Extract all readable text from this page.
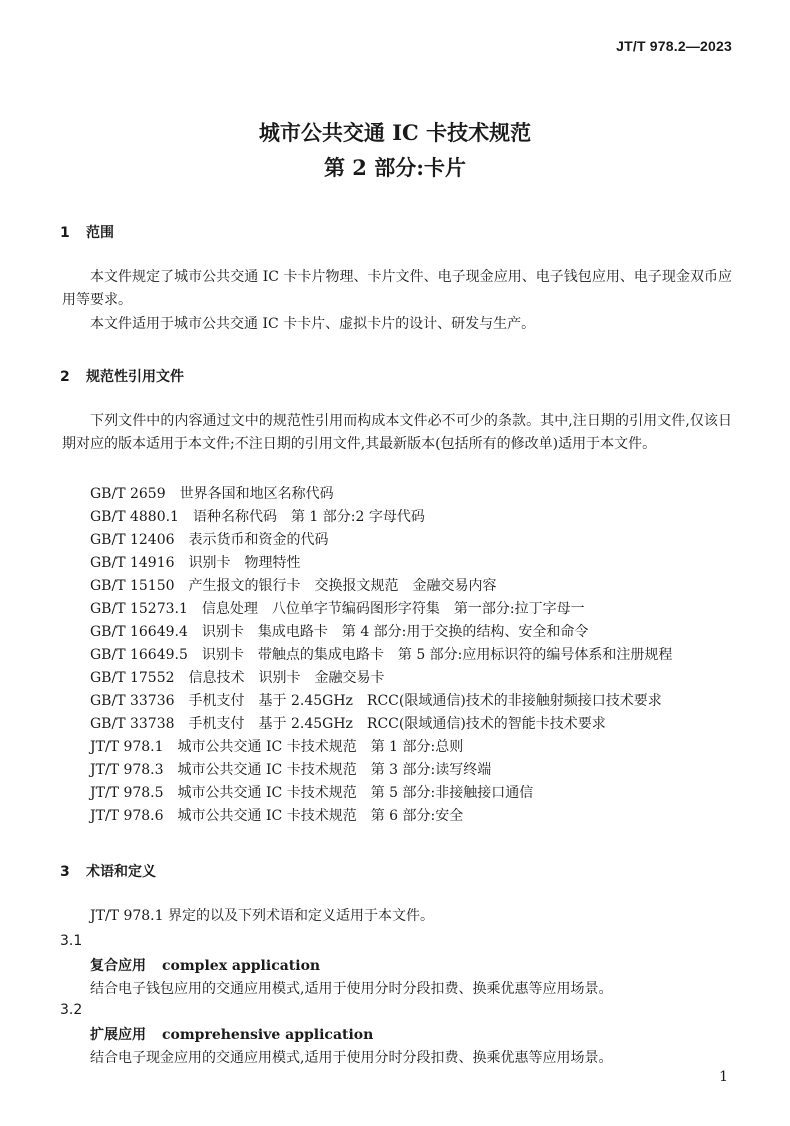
JT/T 978.2—2023
城市公共交通 IC 卡技术规范
第 2 部分:卡片
1 范围
本文件规定了城市公共交通 IC 卡卡片物理、卡片文件、电子现金应用、电子钱包应用、电子现金双币应用等要求。
本文件适用于城市公共交通 IC 卡卡片、虚拟卡片的设计、研发与生产。
2 规范性引用文件
下列文件中的内容通过文中的规范性引用而构成本文件必不可少的条款。其中,注日期的引用文件,仅该日期对应的版本适用于本文件;不注日期的引用文件,其最新版本(包括所有的修改单)适用于本文件。
GB/T 2659 世界各国和地区名称代码
GB/T 4880.1 语种名称代码　第 1 部分:2 字母代码
GB/T 12406 表示货币和资金的代码
GB/T 14916 识别卡　物理特性
GB/T 15150 产生报文的银行卡　交换报文规范　金融交易内容
GB/T 15273.1 信息处理　八位单字节编码图形字符集　第一部分:拉丁字母一
GB/T 16649.4 识别卡　集成电路卡　第 4 部分:用于交换的结构、安全和命令
GB/T 16649.5 识别卡　带触点的集成电路卡　第 5 部分:应用标识符的编号体系和注册规程
GB/T 17552 信息技术　识别卡　金融交易卡
GB/T 33736 手机支付　基于 2.45GHz　RCC(限域通信)技术的非接触射频接口技术要求
GB/T 33738 手机支付　基于 2.45GHz　RCC(限域通信)技术的智能卡技术要求
JT/T 978.1 城市公共交通 IC 卡技术规范　第 1 部分:总则
JT/T 978.3 城市公共交通 IC 卡技术规范　第 3 部分:读写终端
JT/T 978.5 城市公共交通 IC 卡技术规范　第 5 部分:非接触接口通信
JT/T 978.6 城市公共交通 IC 卡技术规范　第 6 部分:安全
3 术语和定义
JT/T 978.1 界定的以及下列术语和定义适用于本文件。
3.1
复合应用 complex application
结合电子钱包应用的交通应用模式,适用于使用分时分段扣费、换乘优惠等应用场景。
3.2
扩展应用 comprehensive application
结合电子现金应用的交通应用模式,适用于使用分时分段扣费、换乘优惠等应用场景。
1
